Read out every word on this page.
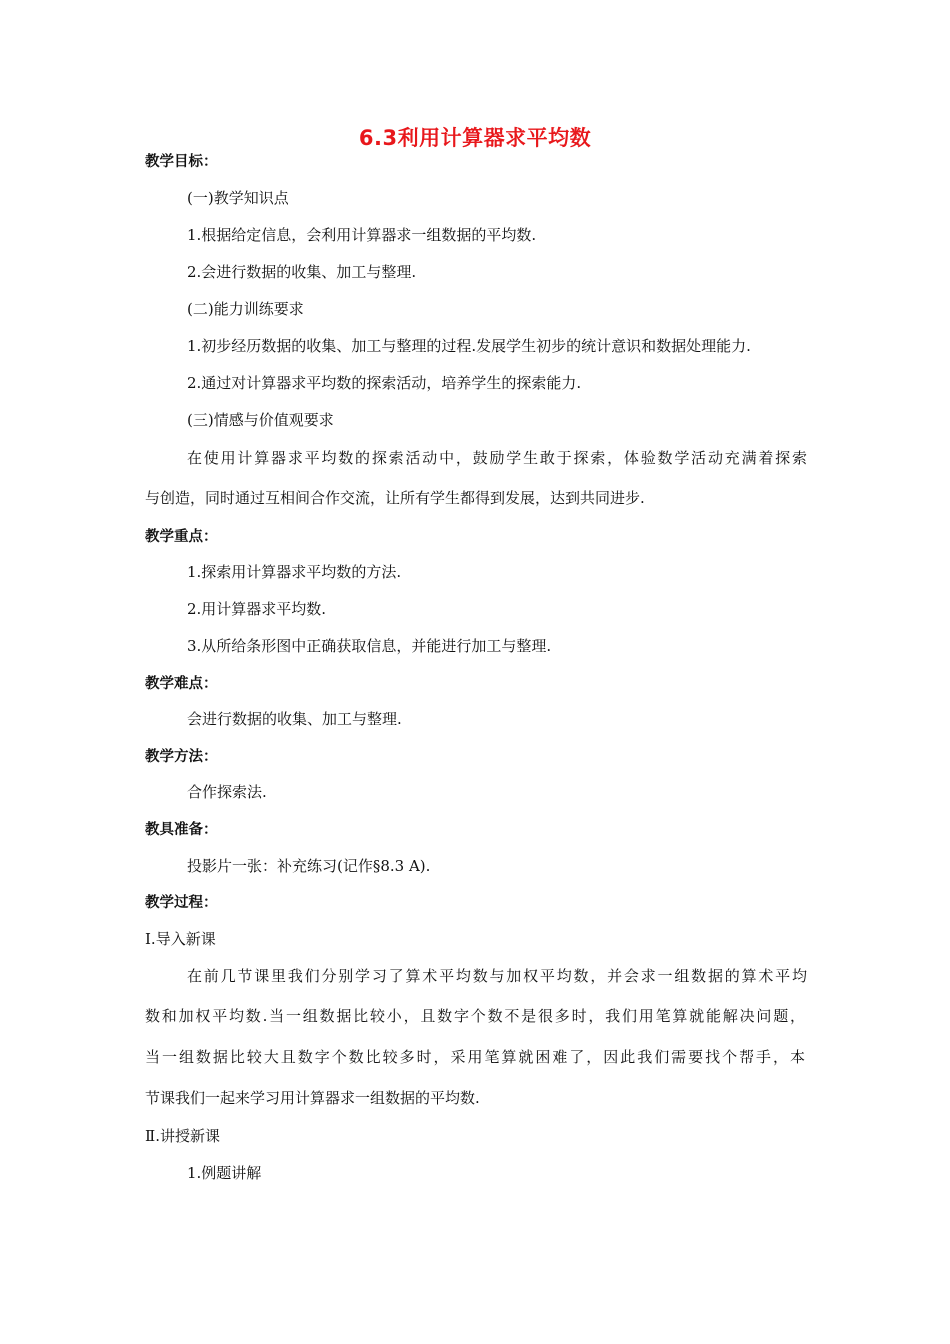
6.3利用计算器求平均数
教学目标：
(一)教学知识点
1.根据给定信息，会利用计算器求一组数据的平均数.
2.会进行数据的收集、加工与整理.
(二)能力训练要求
1.初步经历数据的收集、加工与整理的过程.发展学生初步的统计意识和数据处理能力.
2.通过对计算器求平均数的探索活动，培养学生的探索能力.
(三)情感与价值观要求
在使用计算器求平均数的探索活动中，鼓励学生敢于探索，体验数学活动充满着探索
与创造，同时通过互相间合作交流，让所有学生都得到发展，达到共同进步.
教学重点：
1.探索用计算器求平均数的方法.
2.用计算器求平均数.
3.从所给条形图中正确获取信息，并能进行加工与整理.
教学难点：
会进行数据的收集、加工与整理.
教学方法：
合作探索法.
教具准备：
投影片一张：补充练习(记作§8.3 A).
教学过程：
Ⅰ.导入新课
在前几节课里我们分别学习了算术平均数与加权平均数，并会求一组数据的算术平均
数和加权平均数.当一组数据比较小，且数字个数不是很多时，我们用笔算就能解决问题，
当一组数据比较大且数字个数比较多时，采用笔算就困难了，因此我们需要找个帮手，本
节课我们一起来学习用计算器求一组数据的平均数.
Ⅱ.讲授新课
1.例题讲解
